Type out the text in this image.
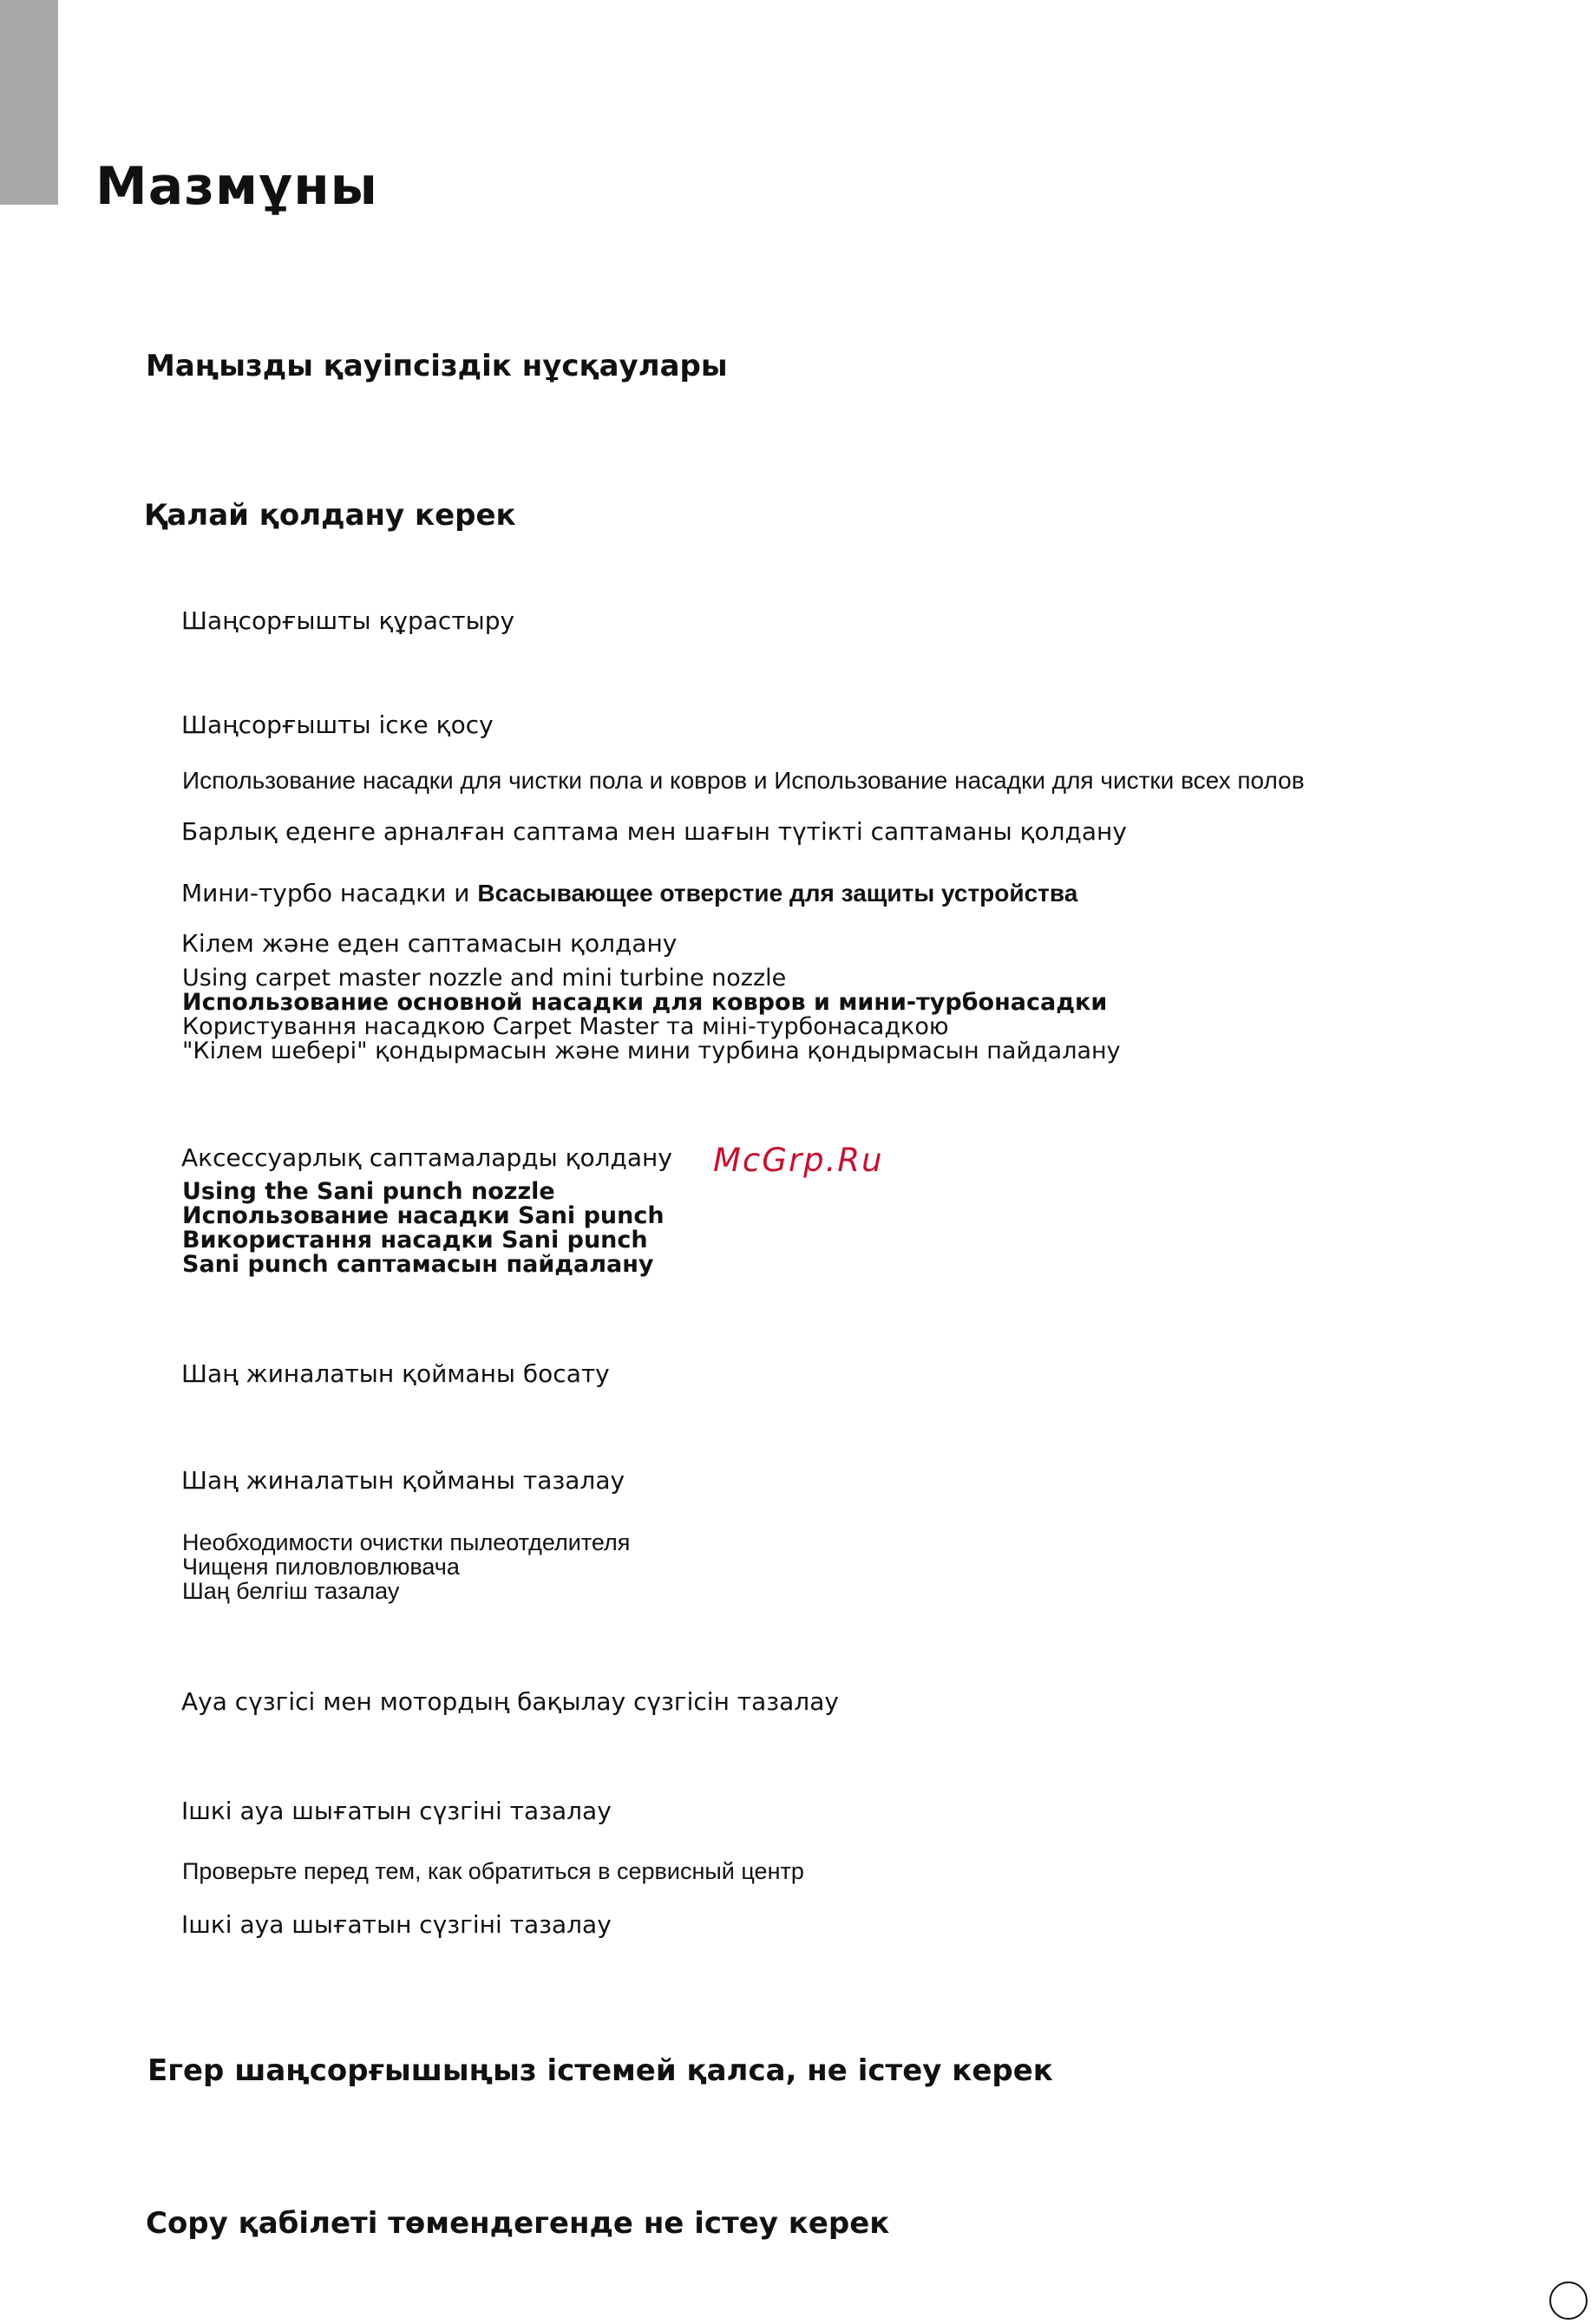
Мазмұны
Маңызды қауіпсіздік нұсқаулары
Қалай қолдану керек
Шаңсорғышты құрастыру
Шаңсорғышты іске қосу
Использование насадки для чистки пола и ковров и Использование насадки для чистки всех полов
Барлық еденге арналған саптама мен шағын түтікті саптаманы қолдану
Мини-турбо насадки и Всасывающее отверстие для защиты устройства
Кілем және еден саптамасын қолдану
Using carpet master nozzle and mini turbine nozzle
Использование основной насадки для ковров и мини-турбонасадки
Користування насадкою Carpet Master та міні-турбонасадкою
"Кілем шебері" қондырмасын және мини турбина қондырмасын пайдалану
Аксессуарлық саптамаларды қолдану McGrp.Ru
Using the Sani punch nozzle
Использование насадки Sani punch
Використання насадки Sani punch
Sani punch саптамасын пайдалану
Шаң жиналатын қойманы босату
Шаң жиналатын қойманы тазалау
Необходимости очистки пылеотделителя
Чищеня пиловловлювача
Шаң белгіш тазалау
Ауа сүзгісі мен мотордың бақылау сүзгісін тазалау
Ішкі ауа шығатын сүзгіні тазалау
Проверьте перед тем, как обратиться в сервисный центр
Ішкі ауа шығатын сүзгіні тазалау
Егер шаңсорғышыңыз істемей қалса, не істеу керек
Сору қабілеті төмендегенде не істеу керек
